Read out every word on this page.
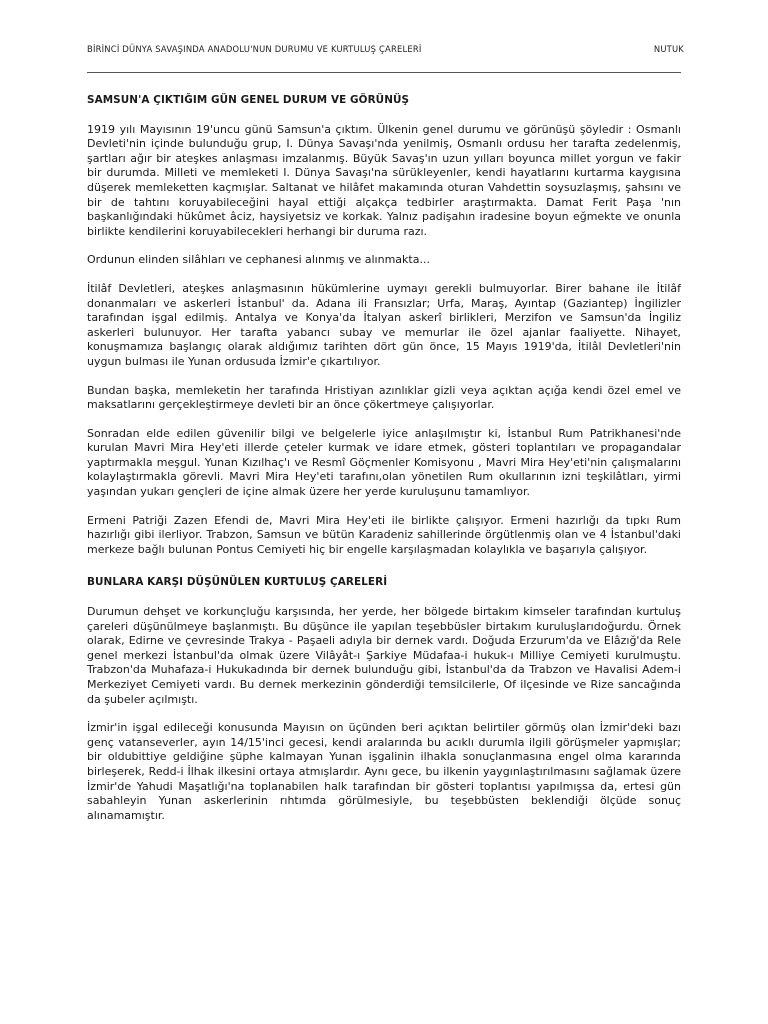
BİRİNCİ DÜNYA SAVAŞINDA ANADOLU'NUN DURUMU VE KURTULUŞ ÇARELERİ	NUTUK
SAMSUN'A ÇIKTIĞIM GÜN GENEL DURUM VE GÖRÜNÜŞ

1919 yılı Mayısının 19'uncu günü Samsun'a çıktım. Ülkenin genel durumu ve görünüşü şöyledir : Osmanlı Devleti'nin içinde bulunduğu grup, I. Dünya Savaşı'nda yenilmiş, Osmanlı ordusu her tarafta zedelenmiş, şartları ağır bir ateşkes anlaşması imzalanmış. Büyük Savaş'ın uzun yılları boyunca millet yorgun ve fakir bir durumda. Milleti ve memleketi I. Dünya Savaşı'na sürükleyenler, kendi hayatlarını kurtarma kaygısına düşerek memleketten kaçmışlar. Saltanat ve hilâfet makamında oturan Vahdettin soysuzlaşmış, şahsını ve bir de tahtını koruyabileceğini hayal ettiği alçakça tedbirler araştırmakta. Damat Ferit Paşa 'nın başkanlığındaki hükûmet âciz, haysiyetsiz ve korkak. Yalnız padişahın iradesine boyun eğmekte ve onunla birlikte kendilerini koruyabilecekleri herhangi bir duruma razı.

Ordunun elinden silâhları ve cephanesi alınmış ve alınmakta...

İtilâf Devletleri, ateşkes anlaşmasının hükümlerine uymayı gerekli bulmuyorlar. Birer bahane ile İtilâf donanmaları ve askerleri İstanbul' da. Adana ili Fransızlar; Urfa, Maraş, Ayıntap (Gaziantep) İngilizler tarafından işgal edilmiş. Antalya ve Konya'da İtalyan askerî birlikleri, Merzifon ve Samsun'da İngiliz askerleri bulunuyor. Her tarafta yabancı subay ve memurlar ile özel ajanlar faaliyette. Nihayet, konuşmamıza başlangıç olarak aldığımız tarihten dört gün önce, 15 Mayıs 1919'da, İtilâl Devletleri'nin uygun bulması ile Yunan ordusuda İzmir'e çıkartılıyor.

Bundan başka, memleketin her tarafında Hristiyan azınlıklar gizli veya açıktan açığa kendi özel emel ve maksatlarını gerçekleştirmeye devleti bir an önce çökertmeye çalışıyorlar.

Sonradan elde edilen güvenilir bilgi ve belgelerle iyice anlaşılmıştır ki, İstanbul Rum Patrikhanesi'nde kurulan Mavri Mira Hey'eti illerde çeteler kurmak ve idare etmek, gösteri toplantıları ve propagandalar yaptırmakla meşgul. Yunan Kızılhaç'ı ve Resmî Göçmenler Komisyonu , Mavri Mira Hey'eti'nin çalışmalarını kolaylaştırmakla görevli. Mavri Mira Hey'eti tarafını,olan yönetilen Rum okullarının izni teşkilâtları, yirmi yaşından yukarı gençleri de içine almak üzere her yerde kuruluşunu tamamlıyor.

Ermeni Patriği Zazen Efendi de, Mavri Mira Hey'eti ile birlikte çalışıyor. Ermeni hazırlığı da tıpkı Rum hazırlığı gibi ilerliyor. Trabzon, Samsun ve bütün Karadeniz sahillerinde örgütlenmiş olan ve 4 İstanbul'daki merkeze bağlı bulunan Pontus Cemiyeti hiç bir engelle karşılaşmadan kolaylıkla ve başarıyla çalışıyor.

BUNLARA KARŞI DÜŞÜNÜLEN KURTULUŞ ÇARELERİ

Durumun dehşet ve korkunçluğu karşısında, her yerde, her bölgede birtakım kimseler tarafından kurtuluş çareleri düşünülmeye başlanmıştı. Bu düşünce ile yapılan teşebbüsler birtakım kuruluşlarıdoğurdu. Örnek olarak, Edirne ve çevresinde Trakya - Paşaeli adıyla bir dernek vardı. Doğuda Erzurum'da ve Elâzığ'da Rele genel merkezi İstanbul'da olmak üzere Vilâyât-ı Şarkiye Müdafaa-i hukuk-ı Milliye Cemiyeti kurulmuştu. Trabzon'da Muhafaza-i Hukukadında bir dernek bulunduğu gibi, İstanbul'da da Trabzon ve Havalisi Adem-i Merkeziyet Cemiyeti vardı. Bu dernek merkezinin gönderdiği temsilcilerle, Of ilçesinde ve Rize sancağında da şubeler açılmıştı.

İzmir'in işgal edileceği konusunda Mayısın on üçünden beri açıktan belirtiler görmüş olan İzmir'deki bazı genç vatanseverler, ayın 14/15'inci gecesi, kendi aralarında bu acıklı durumla ilgili görüşmeler yapmışlar; bir oldubittiye geldiğine şüphe kalmayan Yunan işgalinin ilhakla sonuçlanmasına engel olma kararında birleşerek, Redd-i İlhak ilkesini ortaya atmışlardır. Aynı gece, bu ilkenin yaygınlaştırılmasını sağlamak üzere İzmir'de Yahudi Maşatlığı'na toplanabilen halk tarafından bir gösteri toplantısı yapılmışsa da, ertesi gün sabahleyin Yunan askerlerinin rıhtımda görülmesiyle, bu teşebbüsten beklendiği ölçüde sonuç alınamamıştır.
